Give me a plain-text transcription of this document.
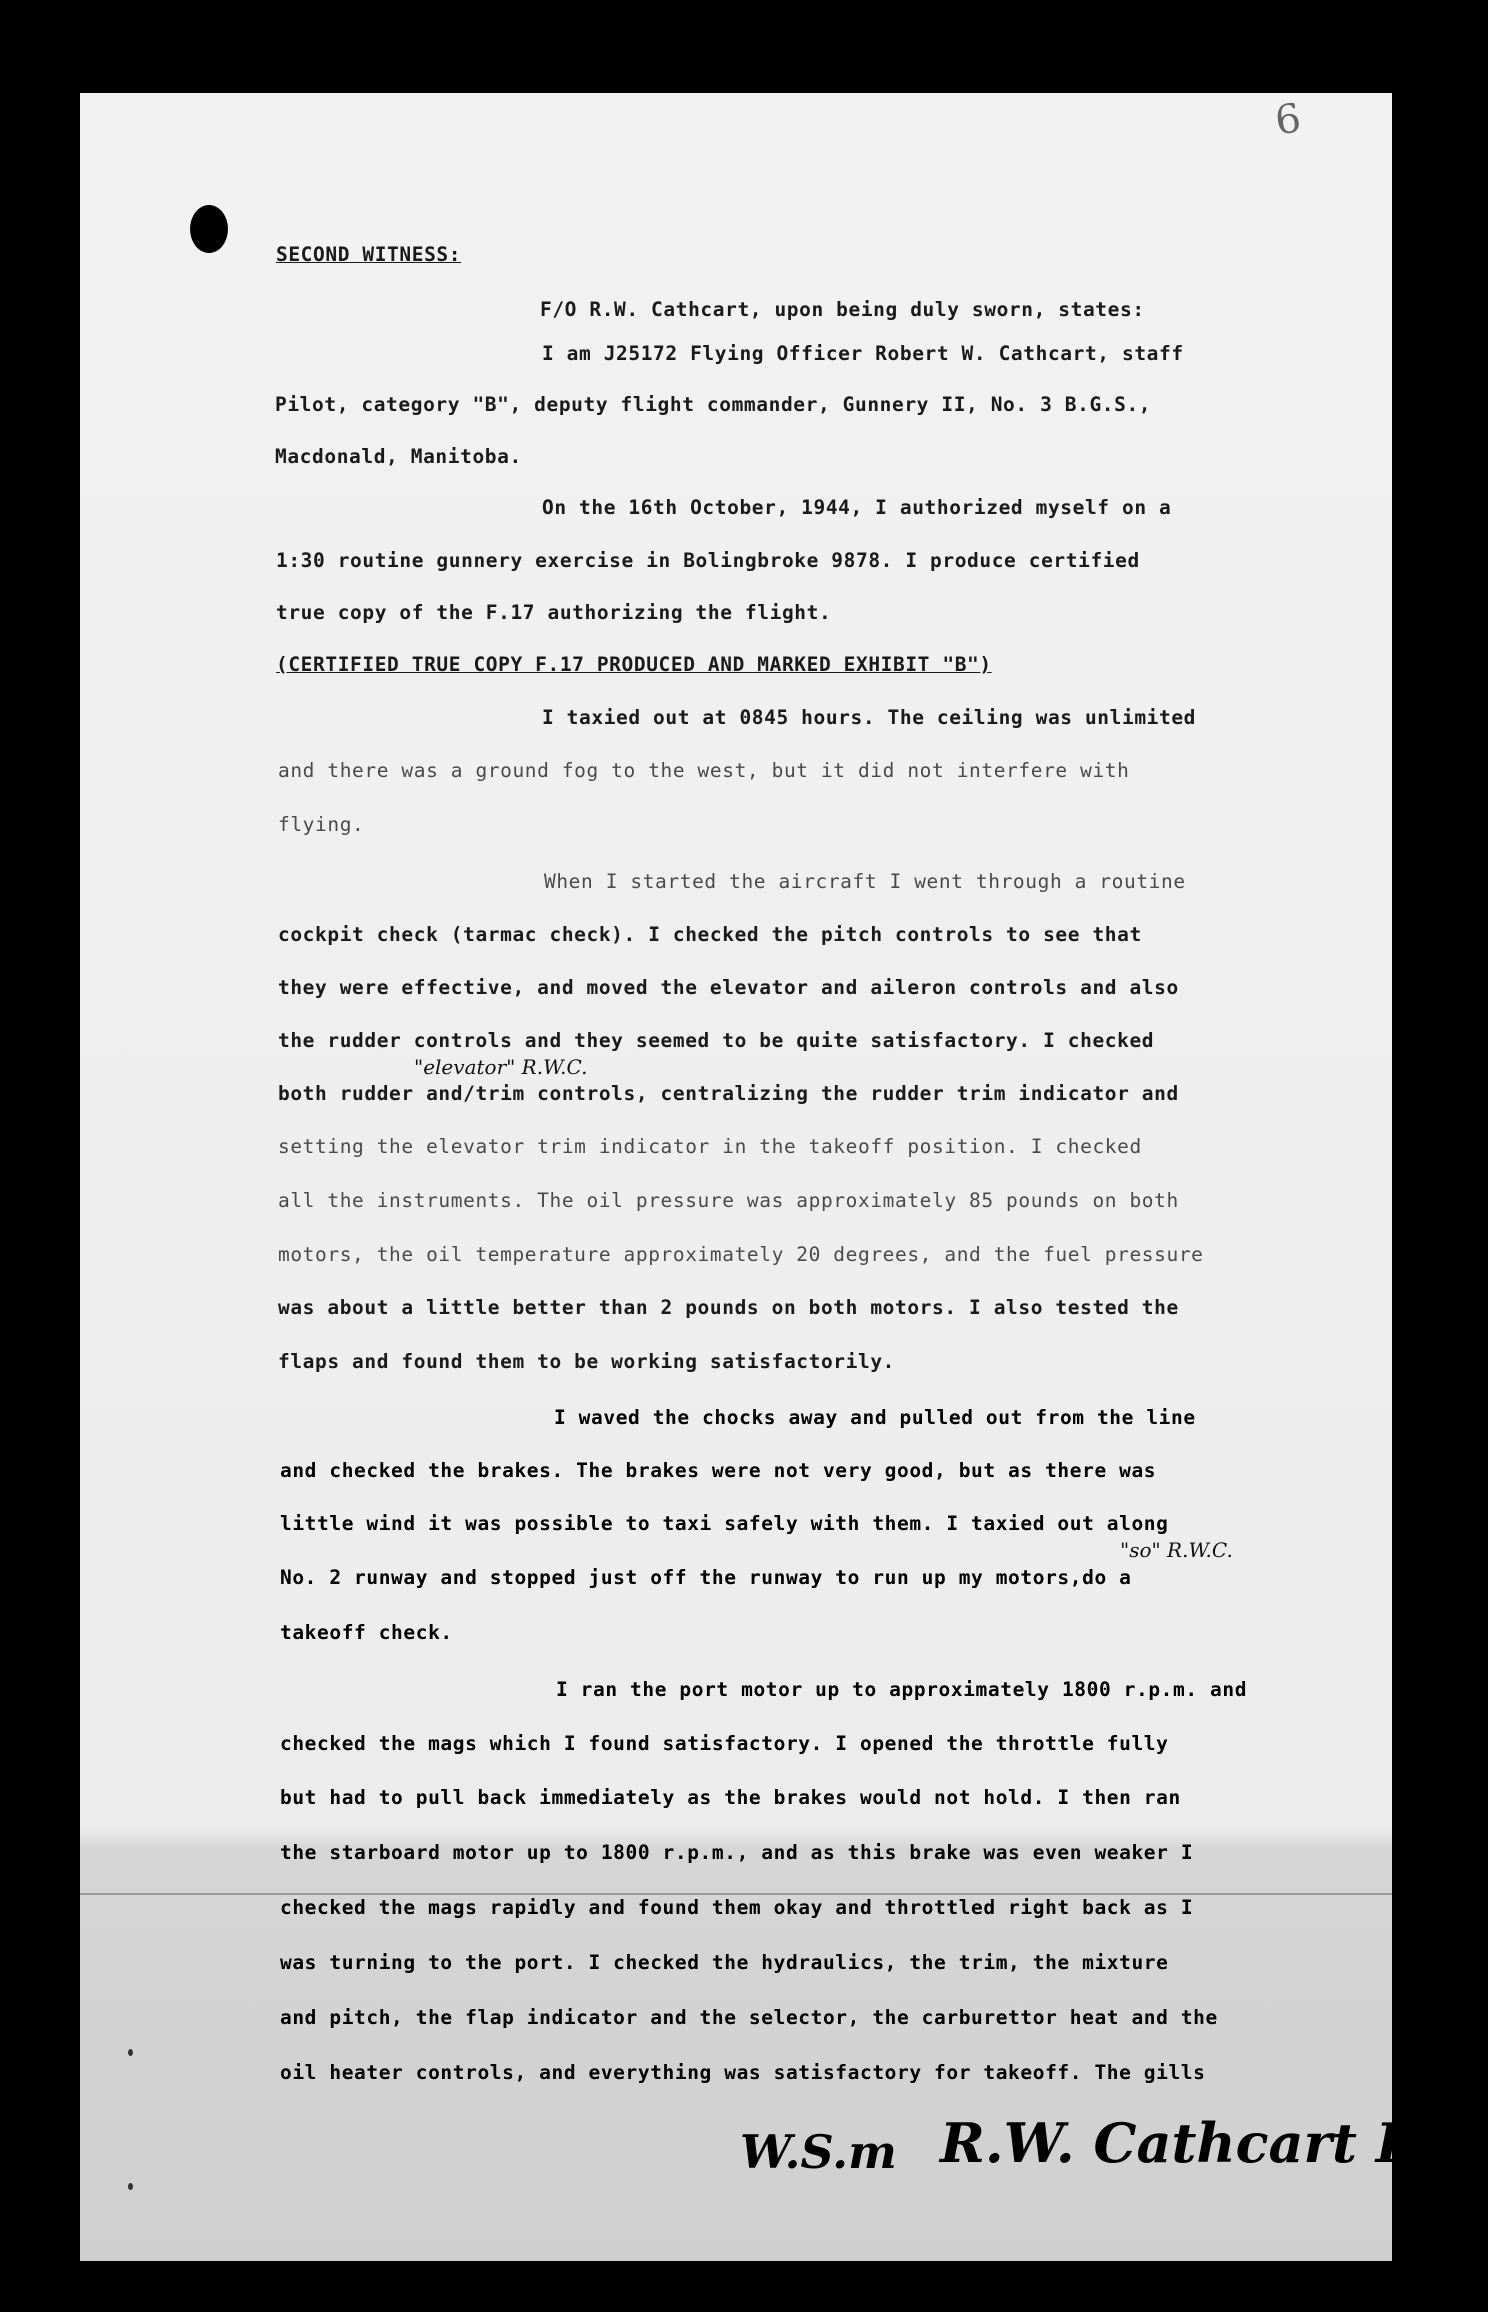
6
SECOND WITNESS:
F/O R.W. Cathcart, upon being duly sworn, states:
I am J25172 Flying Officer Robert W. Cathcart, staff
Pilot, category "B", deputy flight commander, Gunnery II, No. 3 B.G.S.,
Macdonald, Manitoba.
On the 16th October, 1944, I authorized myself on a
1:30 routine gunnery exercise in Bolingbroke 9878. I produce certified
true copy of the F.17 authorizing the flight.
(CERTIFIED TRUE COPY F.17 PRODUCED AND MARKED EXHIBIT "B")
I taxied out at 0845 hours. The ceiling was unlimited
and there was a ground fog to the west, but it did not interfere with
flying.
When I started the aircraft I went through a routine
cockpit check (tarmac check). I checked the pitch controls to see that
they were effective, and moved the elevator and aileron controls and also
the rudder controls and they seemed to be quite satisfactory. I checked
"elevator" R.W.C.
both rudder and/trim controls, centralizing the rudder trim indicator and
setting the elevator trim indicator in the takeoff position. I checked
all the instruments. The oil pressure was approximately 85 pounds on both
motors, the oil temperature approximately 20 degrees, and the fuel pressure
was about a little better than 2 pounds on both motors. I also tested the
flaps and found them to be working satisfactorily.
I waved the chocks away and pulled out from the line
and checked the brakes. The brakes were not very good, but as there was
little wind it was possible to taxi safely with them. I taxied out along
"so" R.W.C.
No. 2 runway and stopped just off the runway to run up my motors,do a
takeoff check.
I ran the port motor up to approximately 1800 r.p.m. and
checked the mags which I found satisfactory. I opened the throttle fully
but had to pull back immediately as the brakes would not hold. I then ran
the starboard motor up to 1800 r.p.m., and as this brake was even weaker I
checked the mags rapidly and found them okay and throttled right back as I
was turning to the port. I checked the hydraulics, the trim, the mixture
and pitch, the flap indicator and the selector, the carburettor heat and the
oil heater controls, and everything was satisfactory for takeoff. The gills
W.S.m R.W. Cathcart F/o
